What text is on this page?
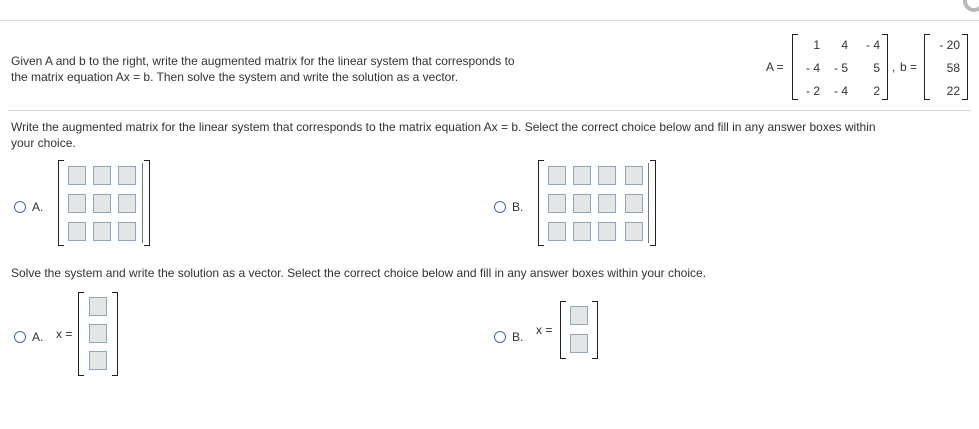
Given A and b to the right, write the augmented matrix for the linear system that corresponds to
the matrix equation Ax = b. Then solve the system and write the solution as a vector.
A =
1	4	- 4
- 4	- 5	5
- 2	- 4	2
, b =
- 20
58
22
Write the augmented matrix for the linear system that corresponds to the matrix equation Ax = b. Select the correct choice below and fill in any answer boxes within
your choice.
A.	B.
Solve the system and write the solution as a vector. Select the correct choice below and fill in any answer boxes within your choice.
A. x =	B. x =
